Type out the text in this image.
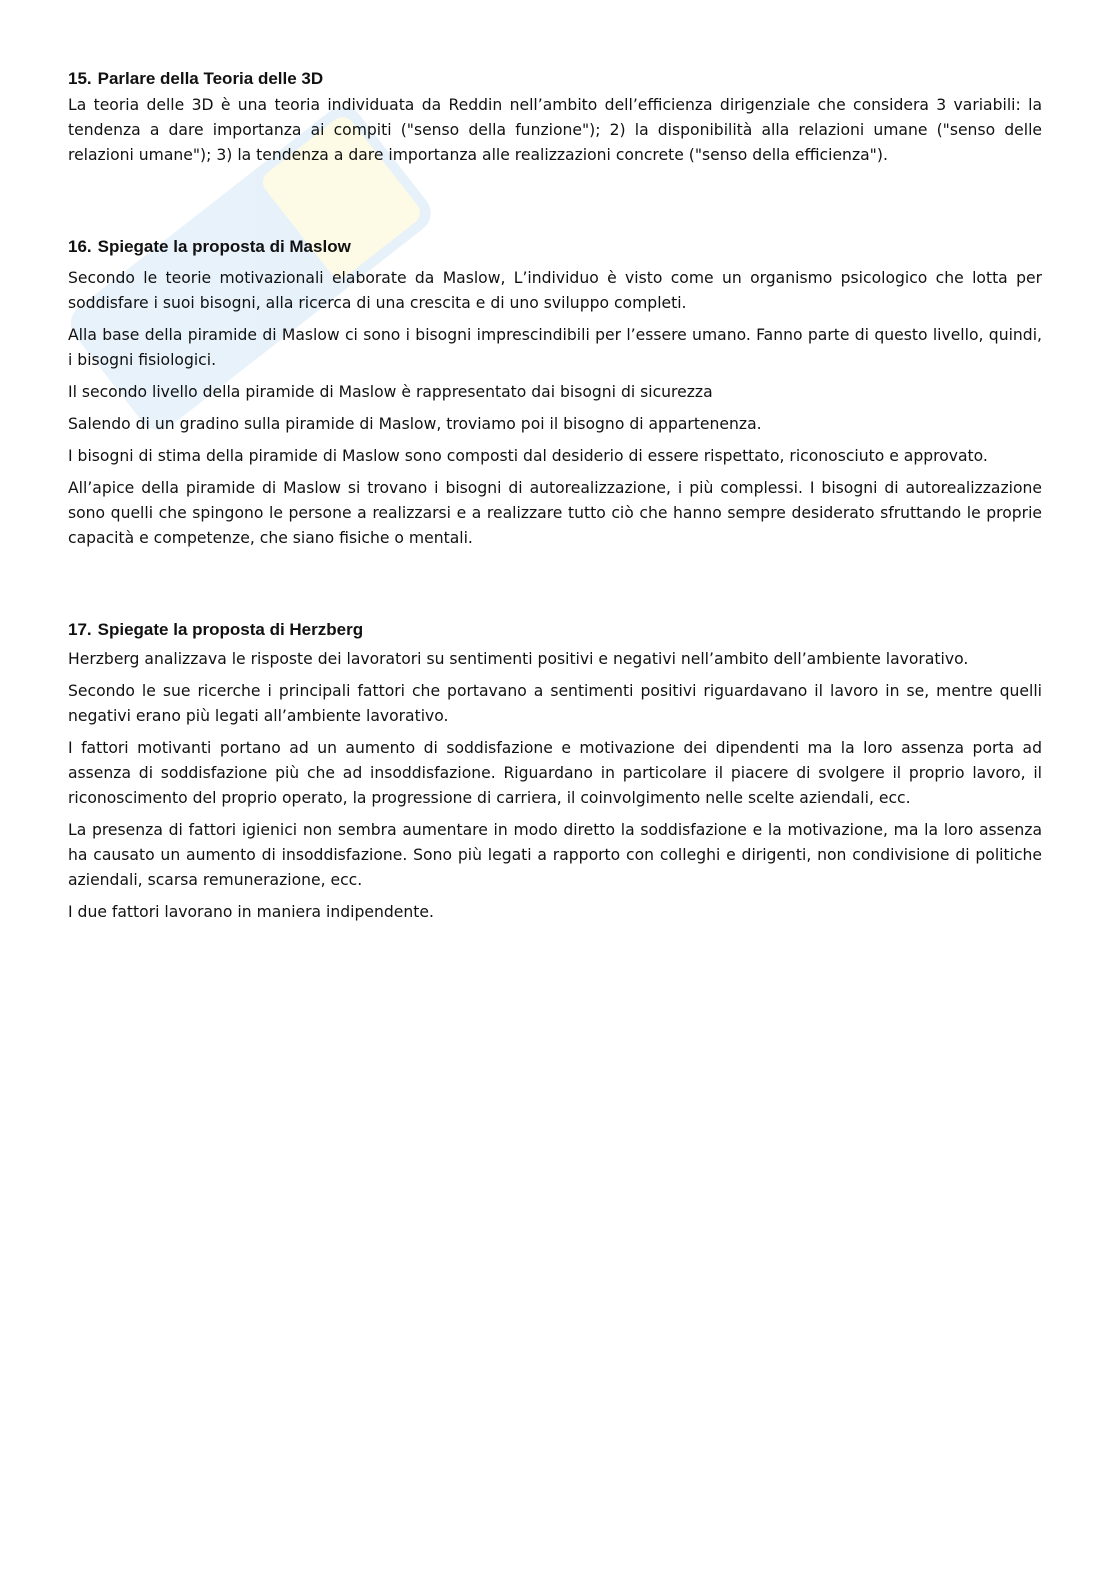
15. Parlare della Teoria delle 3D

La teoria delle 3D è una teoria individuata da Reddin nell’ambito dell’efficienza dirigenziale che considera 3 variabili: la tendenza a dare importanza ai compiti ("senso della funzione"); 2) la disponibilità alla relazioni umane ("senso delle relazioni umane"); 3) la tendenza a dare importanza alle realizzazioni concrete ("senso della efficienza").

16. Spiegate la proposta di Maslow

Secondo le teorie motivazionali elaborate da Maslow, L’individuo è visto come un organismo psicologico che lotta per soddisfare i suoi bisogni, alla ricerca di una crescita e di uno sviluppo completi.

Alla base della piramide di Maslow ci sono i bisogni imprescindibili per l’essere umano. Fanno parte di questo livello, quindi, i bisogni fisiologici.

Il secondo livello della piramide di Maslow è rappresentato dai bisogni di sicurezza

Salendo di un gradino sulla piramide di Maslow, troviamo poi il bisogno di appartenenza.

I bisogni di stima della piramide di Maslow sono composti dal desiderio di essere rispettato, riconosciuto e approvato.

All’apice della piramide di Maslow si trovano i bisogni di autorealizzazione, i più complessi. I bisogni di autorealizzazione sono quelli che spingono le persone a realizzarsi e a realizzare tutto ciò che hanno sempre desiderato sfruttando le proprie capacità e competenze, che siano fisiche o mentali.

17. Spiegate la proposta di Herzberg

Herzberg analizzava le risposte dei lavoratori su sentimenti positivi e negativi nell’ambito dell’ambiente lavorativo.

Secondo le sue ricerche i principali fattori che portavano a sentimenti positivi riguardavano il lavoro in se, mentre quelli negativi erano più legati all’ambiente lavorativo.

I fattori motivanti portano ad un aumento di soddisfazione e motivazione dei dipendenti ma la loro assenza porta ad assenza di soddisfazione più che ad insoddisfazione. Riguardano in particolare il piacere di svolgere il proprio lavoro, il riconoscimento del proprio operato, la progressione di carriera, il coinvolgimento nelle scelte aziendali, ecc.

La presenza di fattori igienici non sembra aumentare in modo diretto la soddisfazione e la motivazione, ma la loro assenza ha causato un aumento di insoddisfazione. Sono più legati a rapporto con colleghi e dirigenti, non condivisione di politiche aziendali, scarsa remunerazione, ecc.

I due fattori lavorano in maniera indipendente.
